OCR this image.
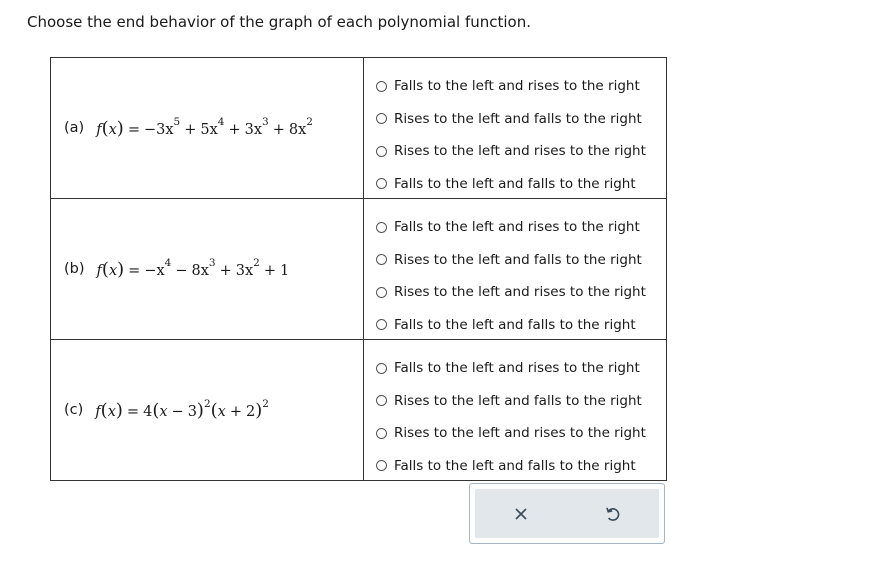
Choose the end behavior of the graph of each polynomial function.
(a) $f(x) = -3x^5 + 5x^4 + 3x^3 + 8x^2$	Falls to the left and rises to the right
Rises to the left and falls to the right
Rises to the left and rises to the right
Falls to the left and falls to the right

(b) $f(x) = -x^4 - 8x^3 + 3x^2 + 1$	Falls to the left and rises to the right
Rises to the left and falls to the right
Rises to the left and rises to the right
Falls to the left and falls to the right

(c) $f(x) = 4(x - 3)^2(x + 2)^2$	Falls to the left and rises to the right
Rises to the left and falls to the right
Rises to the left and rises to the right
Falls to the left and falls to the right
